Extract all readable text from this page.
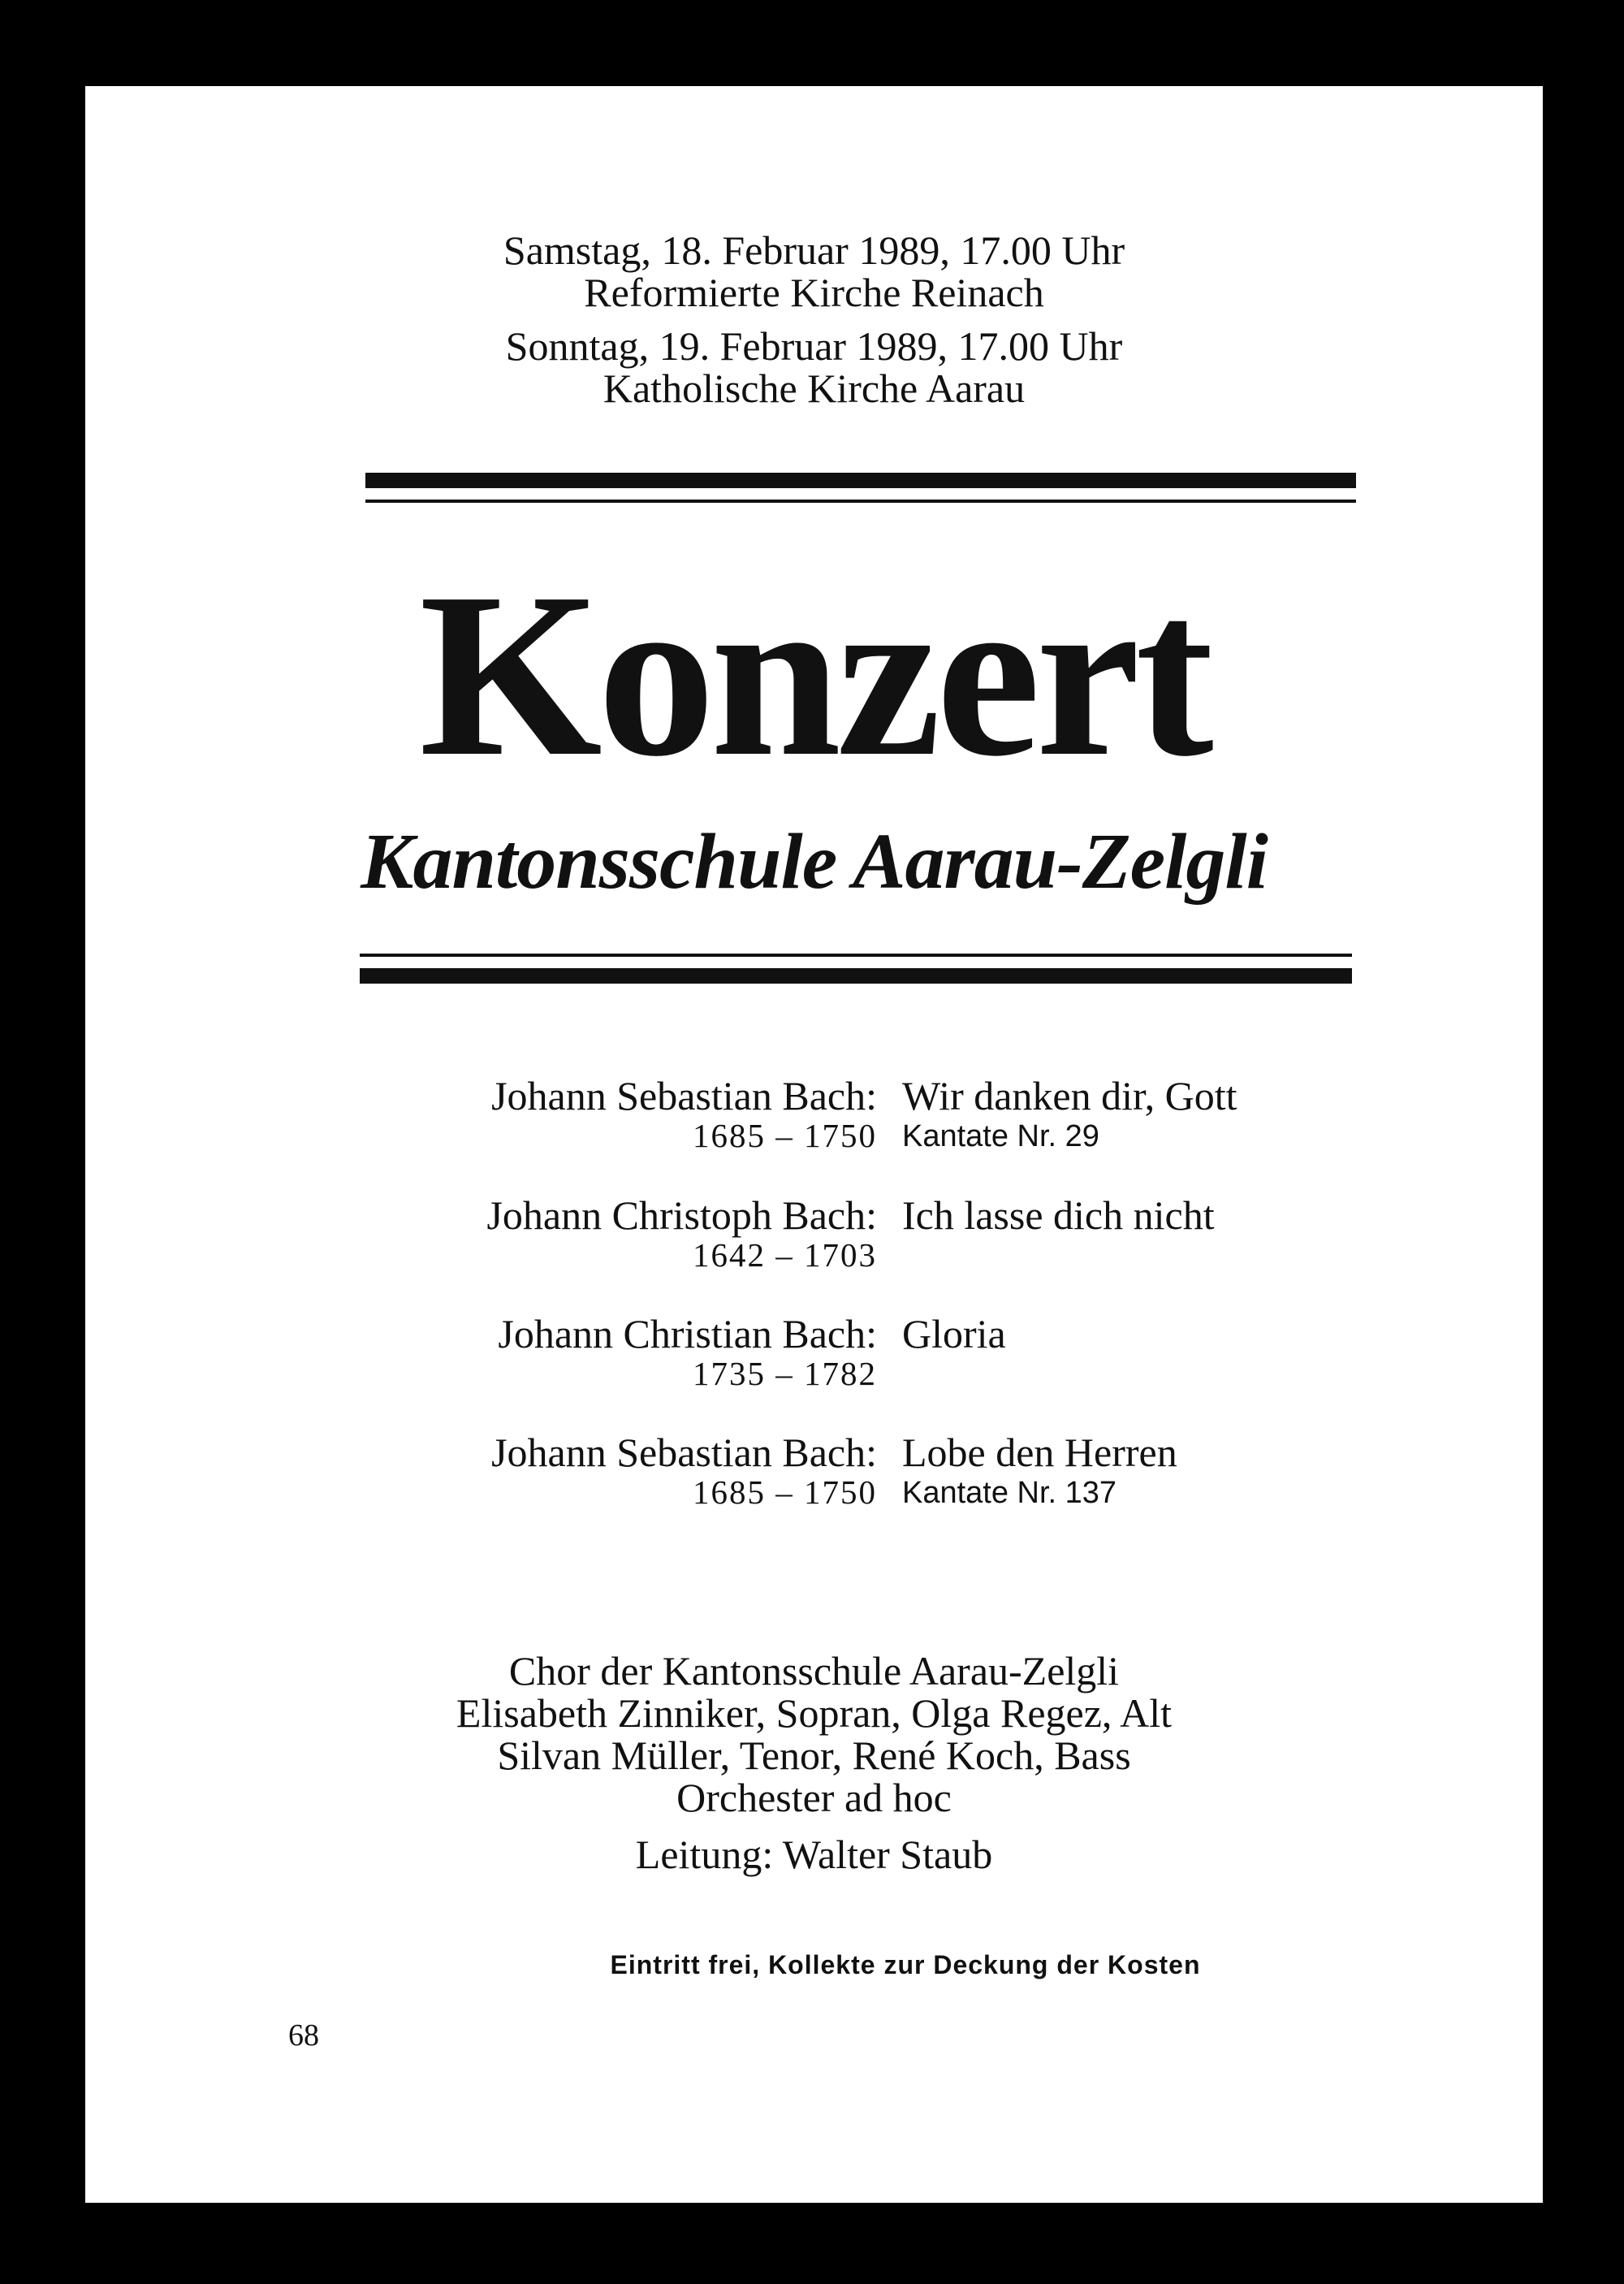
Samstag, 18. Februar 1989, 17.00 Uhr
Reformierte Kirche Reinach
Sonntag, 19. Februar 1989, 17.00 Uhr
Katholische Kirche Aarau
Konzert
Kantonsschule Aarau-Zelgli
Johann Sebastian Bach:
1685 – 1750
Wir danken dir, Gott
Kantate Nr. 29
Johann Christoph Bach:
1642 – 1703
Ich lasse dich nicht
Johann Christian Bach:
1735 – 1782
Gloria
Johann Sebastian Bach:
1685 – 1750
Lobe den Herren
Kantate Nr. 137
Chor der Kantonsschule Aarau-Zelgli
Elisabeth Zinniker, Sopran, Olga Regez, Alt
Silvan Müller, Tenor, René Koch, Bass
Orchester ad hoc
Leitung: Walter Staub
Eintritt frei, Kollekte zur Deckung der Kosten
68
